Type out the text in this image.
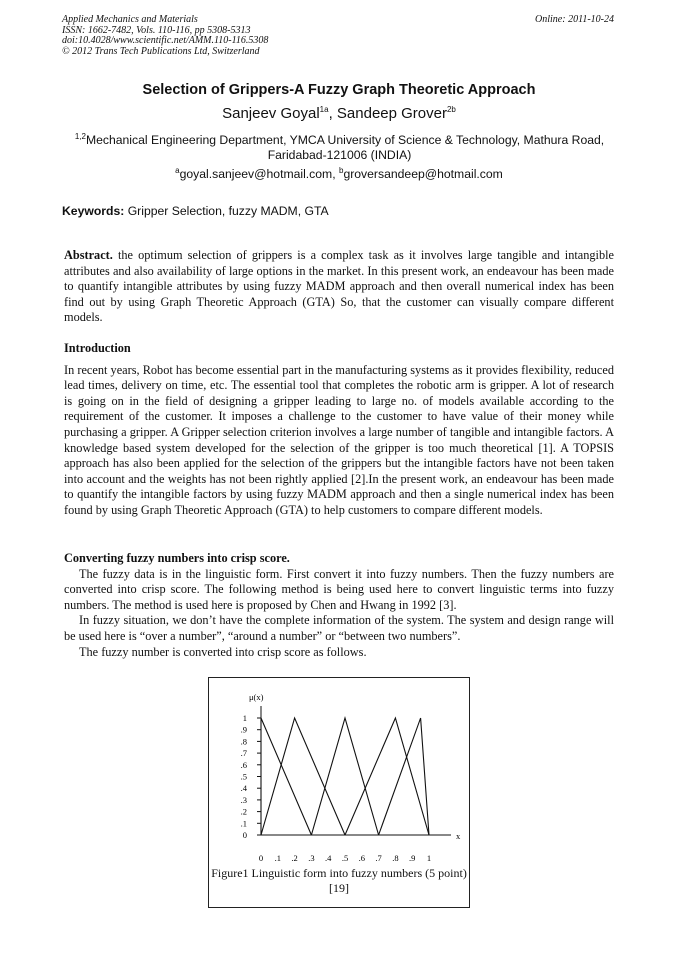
Applied Mechanics and Materials
ISSN: 1662-7482, Vols. 110-116, pp 5308-5313
doi:10.4028/www.scientific.net/AMM.110-116.5308
© 2012 Trans Tech Publications Ltd, Switzerland
Online: 2011-10-24
Selection of Grippers-A Fuzzy Graph Theoretic Approach
Sanjeev Goyal$^{1a}$, Sandeep Grover$^{2b}$
$^{1,2}$Mechanical Engineering Department, YMCA University of Science & Technology, Mathura Road, Faridabad-121006 (INDIA)
$^a$goyal.sanjeev@hotmail.com, $^b$groversandeep@hotmail.com
Keywords: Gripper Selection, fuzzy MADM, GTA

Abstract. the optimum selection of grippers is a complex task as it involves large tangible and intangible attributes and also availability of large options in the market. In this present work, an endeavour has been made to quantify intangible attributes by using fuzzy MADM approach and then overall numerical index has been find out by using Graph Theoretic Approach (GTA) So, that the customer can visually compare different models.

Introduction

In recent years, Robot has become essential part in the manufacturing systems as it provides flexibility, reduced lead times, delivery on time, etc. The essential tool that completes the robotic arm is gripper. A lot of research is going on in the field of designing a gripper leading to large no. of models available according to the requirement of the customer. It imposes a challenge to the customer to have value of their money while purchasing a gripper. A Gripper selection criterion involves a large number of tangible and intangible factors. A knowledge based system developed for the selection of the gripper is too much theoretical [1]. A TOPSIS approach has also been applied for the selection of the grippers but the intangible factors have not been taken into account and the weights has not been rightly applied [2].In the present work, an endeavour has been made to quantify the intangible factors by using fuzzy MADM approach and then a single numerical index has been found by using Graph Theoretic Approach (GTA) to help customers to compare different models.

Converting fuzzy numbers into crisp score.

The fuzzy data is in the linguistic form. First convert it into fuzzy numbers. Then the fuzzy numbers are converted into crisp score. The following method is being used here to convert linguistic terms into fuzzy numbers. The method is used here is proposed by Chen and Hwang in 1992 [3].

In fuzzy situation, we don’t have the complete information of the system. The system and design range will be used here is “over a number”, “around a number” or “between two numbers”.

The fuzzy number is converted into crisp score as follows.

μ(x)
x
0
.1
.2
.3
.4
.5
.6
.7
.8
.9
1
0 .1 .2 .3 .4 .5 .6 .7 .8 .9 1
Figure1 Linguistic form into fuzzy numbers (5 point) [19]
